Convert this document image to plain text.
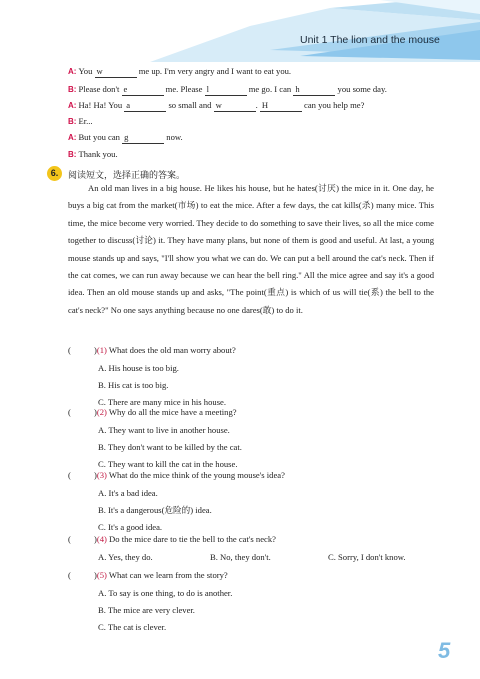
Unit 1 The lion and the mouse
A: You w	me up. I'm very angry and I want to eat you.
B: Please don't e	me. Please l	me go. I can h	you some day.
A: Ha! Ha! You a	so small and w	. H	can you help me?
B: Er...
A: But you can g	now.
B: Thank you.
6.	阅读短文，选择正确的答案。

An old man lives in a big house. He likes his house, but he hates(讨厌) the mice in it. One day, he buys a big cat from the market(市场) to eat the mice. After a few days, the cat kills(杀) many mice. This time, the mice become very worried. They decide to do something to save their lives, so all the mice come together to discuss(讨论) it. They have many plans, but none of them is good and useful. At last, a young mouse stands up and says, "I'll show you what we can do. We can put a bell around the cat's neck. Then if the cat comes, we can run away because we can hear the bell ring." All the mice agree and say it's a good idea. Then an old mouse stands up and asks, "The point(重点) is which of us will tie(系) the bell to the cat's neck?" No one says anything because no one dares(敢) to do it.

(	)(1) What does the old man worry about?
A. His house is too big.
B. His cat is too big.
C. There are many mice in his house.
(	)(2) Why do all the mice have a meeting?
A. They want to live in another house.
B. They don't want to be killed by the cat.
C. They want to kill the cat in the house.
(	)(3) What do the mice think of the young mouse's idea?
A. It's a bad idea.
B. It's a dangerous(危险的) idea.
C. It's a good idea.
(	)(4) Do the mice dare to tie the bell to the cat's neck?
A. Yes, they do.	B. No, they don't.	C. Sorry, I don't know.
(	)(5) What can we learn from the story?
A. To say is one thing, to do is another.
B. The mice are very clever.
C. The cat is clever.
5
